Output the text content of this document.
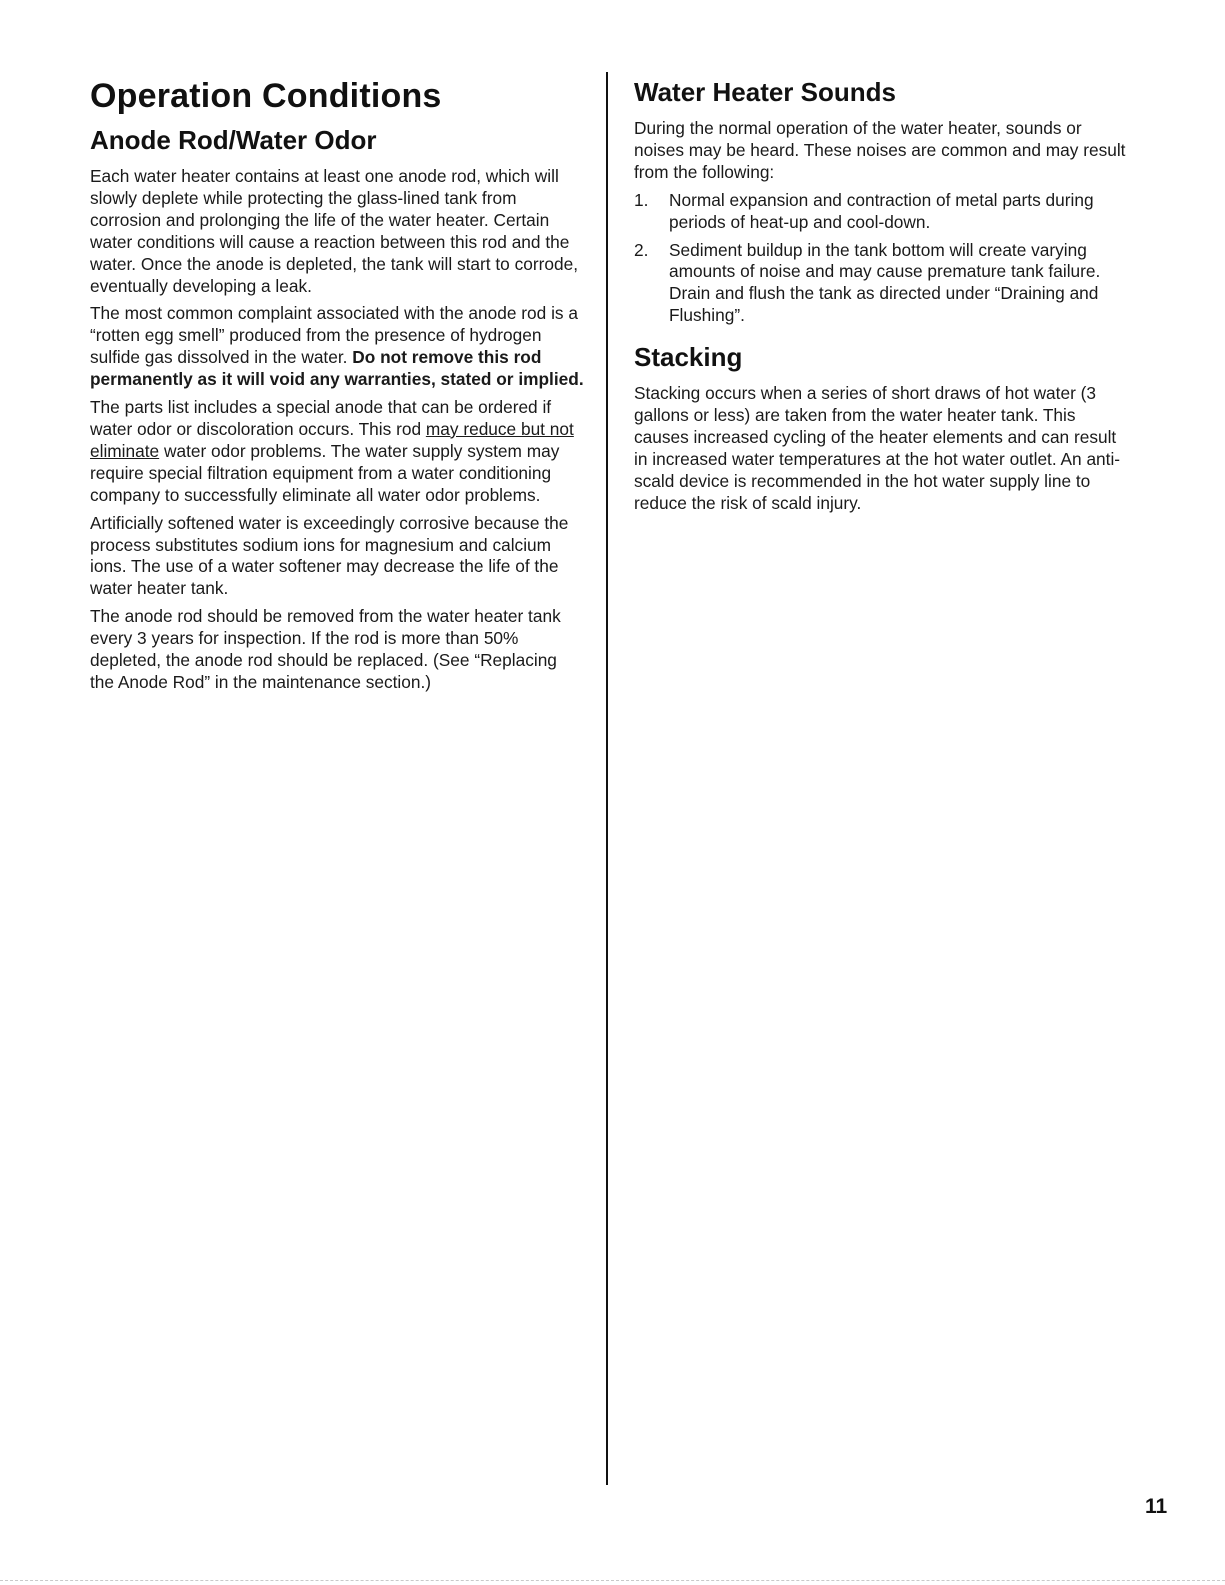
Operation Conditions
Anode Rod/Water Odor

Each water heater contains at least one anode rod, which will slowly deplete while protecting the glass-lined tank from corrosion and prolonging the life of the water heater. Certain water conditions will cause a reaction between this rod and the water. Once the anode is depleted, the tank will start to corrode, eventually developing a leak.

The most common complaint associated with the anode rod is a “rotten egg smell” produced from the presence of hydrogen sulfide gas dissolved in the water. Do not remove this rod permanently as it will void any warranties, stated or implied.

The parts list includes a special anode that can be ordered if water odor or discoloration occurs. This rod may reduce but not eliminate water odor problems. The water supply system may require special filtration equipment from a water conditioning company to successfully eliminate all water odor problems.

Artificially softened water is exceedingly corrosive because the process substitutes sodium ions for magnesium and calcium ions. The use of a water softener may decrease the life of the water heater tank.

The anode rod should be removed from the water heater tank every 3 years for inspection. If the rod is more than 50% depleted, the anode rod should be replaced. (See “Replacing the Anode Rod” in the maintenance section.)

Water Heater Sounds

During the normal operation of the water heater, sounds or noises may be heard. These noises are common and may result from the following:

1. Normal expansion and contraction of metal parts during periods of heat-up and cool-down.
2. Sediment buildup in the tank bottom will create varying amounts of noise and may cause premature tank failure. Drain and flush the tank as directed under “Draining and Flushing”.
Stacking

Stacking occurs when a series of short draws of hot water (3 gallons or less) are taken from the water heater tank. This causes increased cycling of the heater elements and can result in increased water temperatures at the hot water outlet. An anti-scald device is recommended in the hot water supply line to reduce the risk of scald injury.

11
